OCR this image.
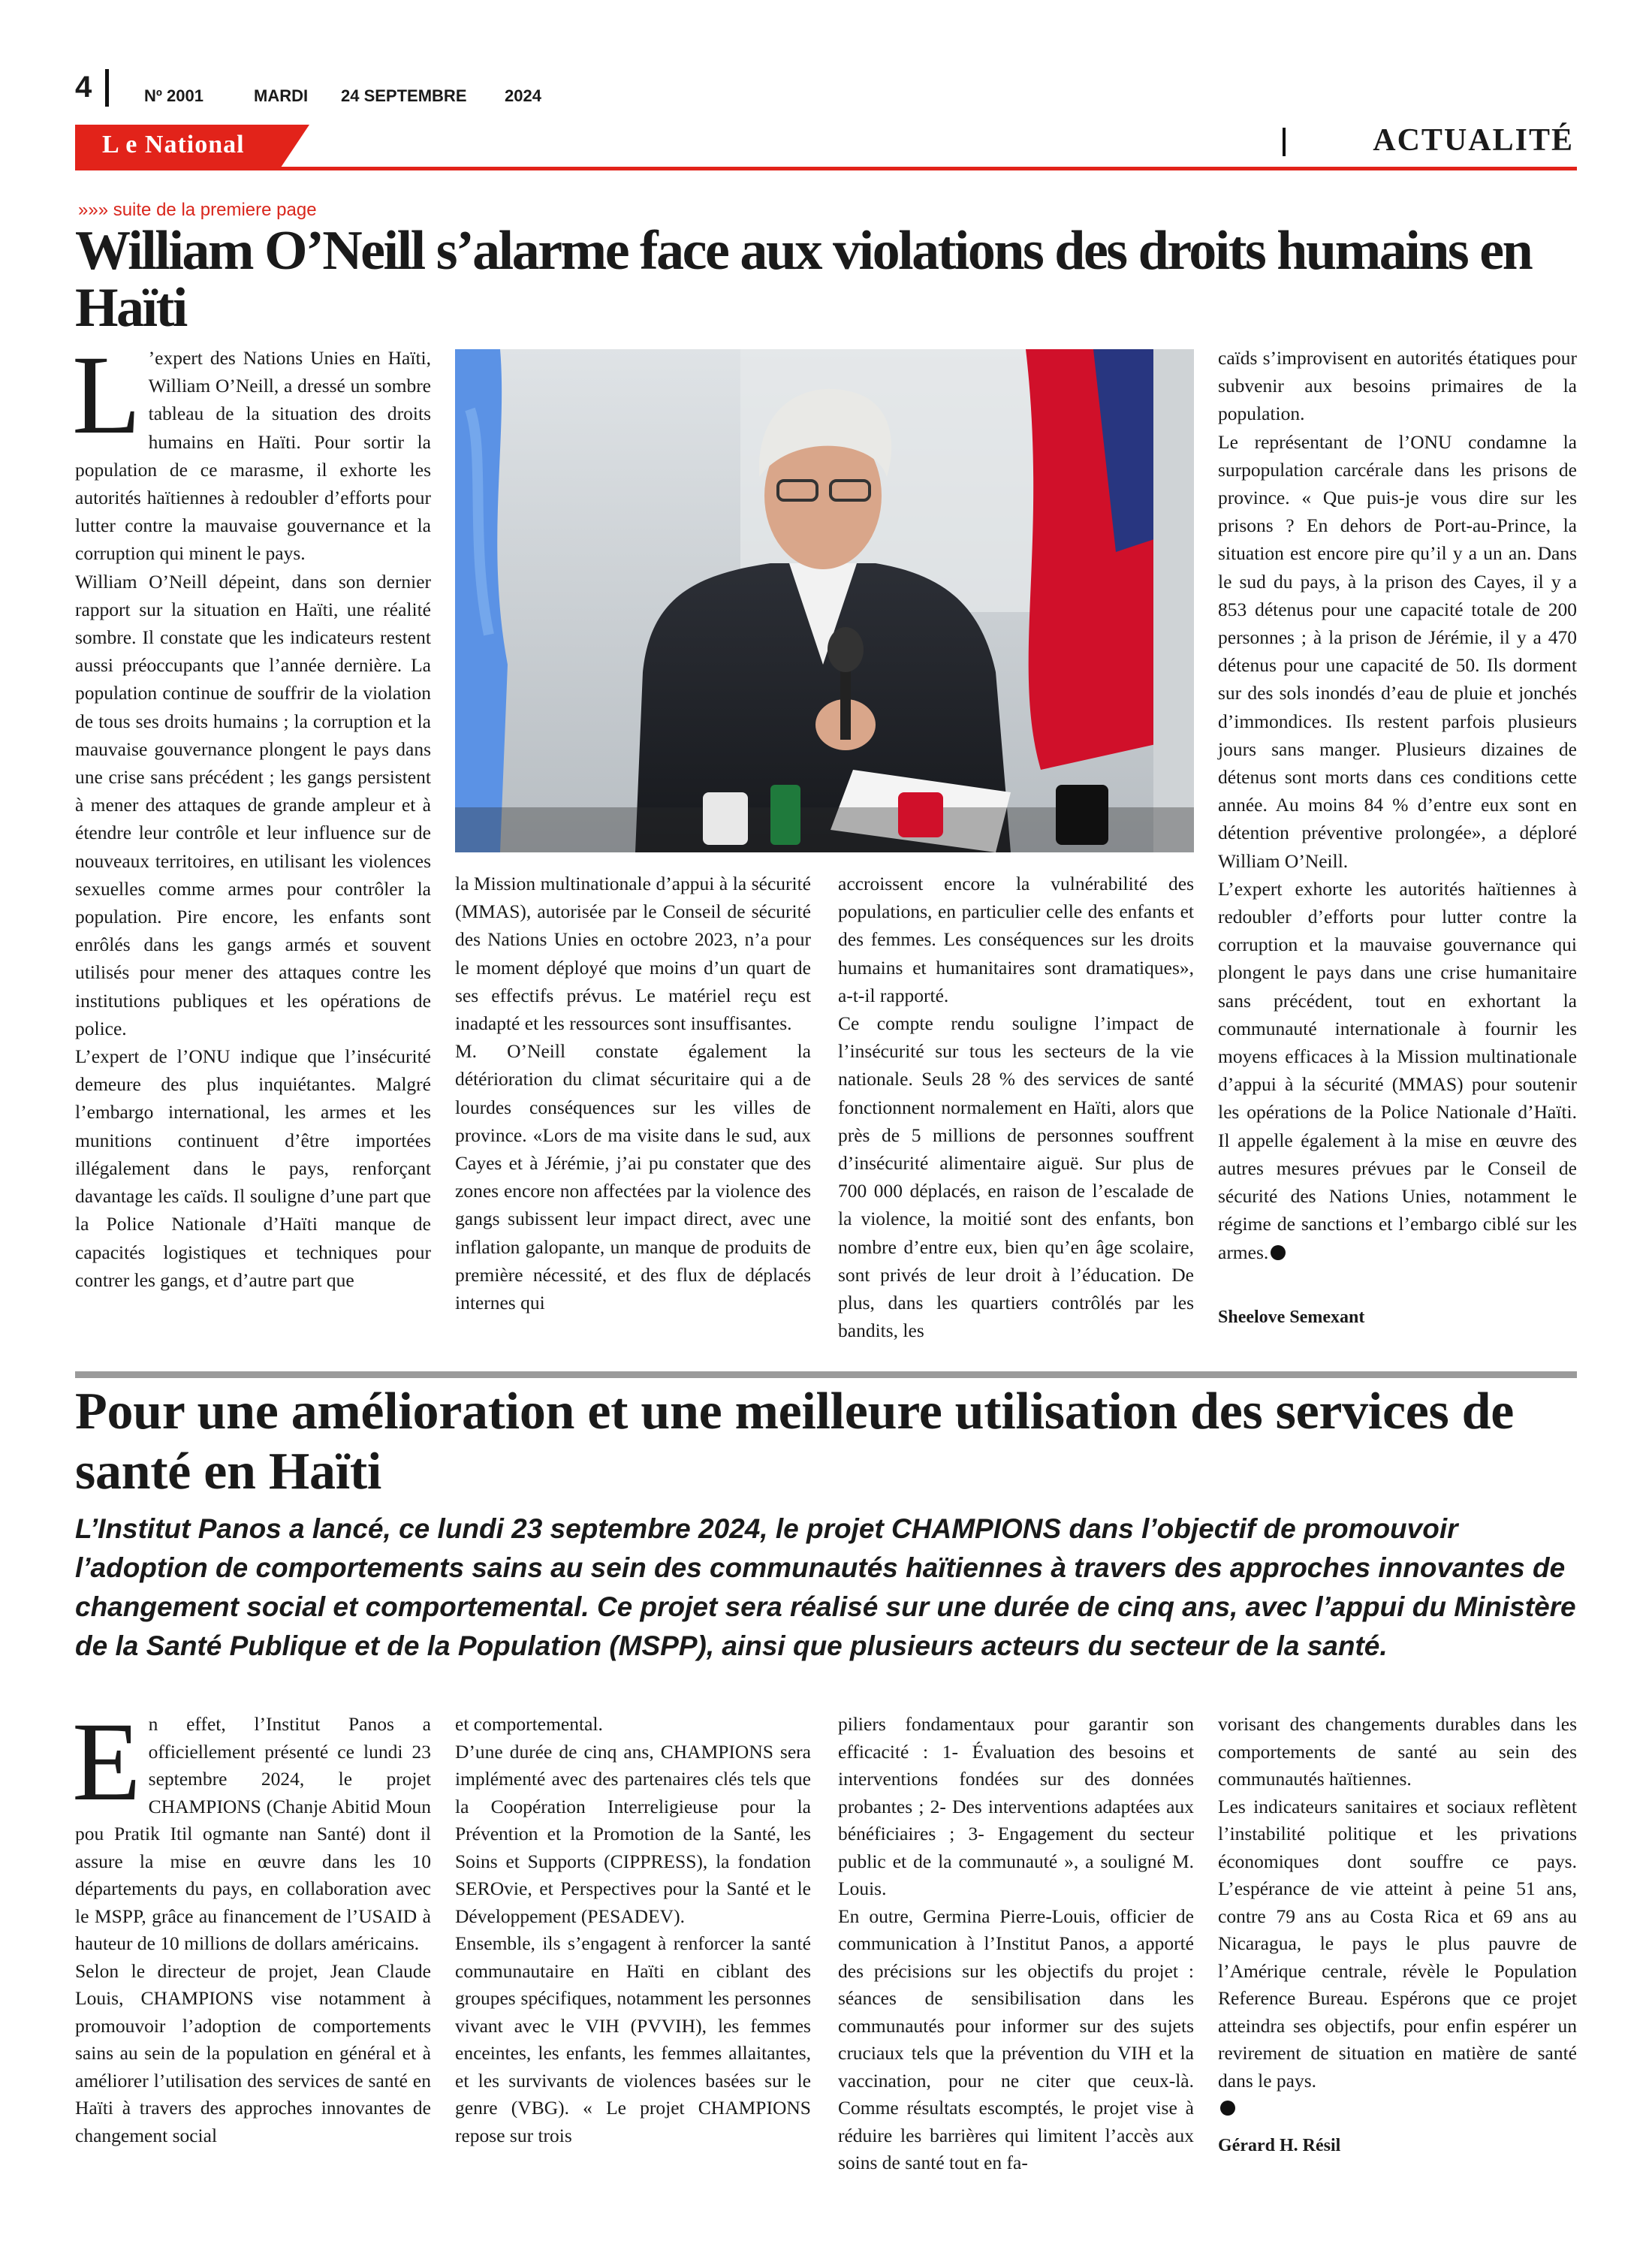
4	Nº 2001	MARDI 24 SEPTEMBRE 2024
L e National	ACTUALITÉ
»»» suite de la premiere page
William O’Neill s’alarme face aux violations des droits humains en Haïti

L ’expert des Nations Unies en Haïti, William O’Neill, a dressé un sombre tableau de la situation des droits humains en Haïti. Pour sortir la population de ce marasme, il exhorte les autorités haïtiennes à redoubler d’efforts pour lutter contre la mauvaise gouvernance et la corruption qui minent le pays.

William O’Neill dépeint, dans son dernier rapport sur la situation en Haïti, une réalité sombre. Il constate que les indicateurs restent aussi préoccupants que l’année dernière. La population continue de souffrir de la violation de tous ses droits humains ; la corruption et la mauvaise gouvernance plongent le pays dans une crise sans précédent ; les gangs persistent à mener des attaques de grande ampleur et à étendre leur contrôle et leur influence sur de nouveaux territoires, en utilisant les violences sexuelles comme armes pour contrôler la population. Pire encore, les enfants sont enrôlés dans les gangs armés et souvent utilisés pour mener des attaques contre les institutions publiques et les opérations de police.

L’expert de l’ONU indique que l’insécurité demeure des plus inquiétantes. Malgré l’embargo international, les armes et les munitions continuent d’être importées illégalement dans le pays, renforçant davantage les caïds. Il souligne d’une part que la Police Nationale d’Haïti manque de capacités logistiques et techniques pour contrer les gangs, et d’autre part que

la Mission multinationale d’appui à la sécurité (MMAS), autorisée par le Conseil de sécurité des Nations Unies en octobre 2023, n’a pour le moment déployé que moins d’un quart de ses effectifs prévus. Le matériel reçu est inadapté et les ressources sont insuffisantes.

M. O’Neill constate également la détérioration du climat sécuritaire qui a de lourdes conséquences sur les villes de province. «Lors de ma visite dans le sud, aux Cayes et à Jérémie, j’ai pu constater que des zones encore non affectées par la violence des gangs subissent leur impact direct, avec une inflation galopante, un manque de produits de première nécessité, et des flux de déplacés internes qui

accroissent encore la vulnérabilité des populations, en particulier celle des enfants et des femmes. Les conséquences sur les droits humains et humanitaires sont dramatiques», a-t-il rapporté.

Ce compte rendu souligne l’impact de l’insécurité sur tous les secteurs de la vie nationale. Seuls 28 % des services de santé fonctionnent normalement en Haïti, alors que près de 5 millions de personnes souffrent d’insécurité alimentaire aiguë. Sur plus de 700 000 déplacés, en raison de l’escalade de la violence, la moitié sont des enfants, bon nombre d’entre eux, bien qu’en âge scolaire, sont privés de leur droit à l’éducation. De plus, dans les quartiers contrôlés par les bandits, les

caïds s’improvisent en autorités étatiques pour subvenir aux besoins primaires de la population.

Le représentant de l’ONU condamne la surpopulation carcérale dans les prisons de province. « Que puis-je vous dire sur les prisons ? En dehors de Port-au-Prince, la situation est encore pire qu’il y a un an. Dans le sud du pays, à la prison des Cayes, il y a 853 détenus pour une capacité totale de 200 personnes ; à la prison de Jérémie, il y a 470 détenus pour une capacité de 50. Ils dorment sur des sols inondés d’eau de pluie et jonchés d’immondices. Ils restent parfois plusieurs jours sans manger. Plusieurs dizaines de détenus sont morts dans ces conditions cette année. Au moins 84 % d’entre eux sont en détention préventive prolongée», a déploré William O’Neill.

L’expert exhorte les autorités haïtiennes à redoubler d’efforts pour lutter contre la corruption et la mauvaise gouvernance qui plongent le pays dans une crise humanitaire sans précédent, tout en exhortant la communauté internationale à fournir les moyens efficaces à la Mission multinationale d’appui à la sécurité (MMAS) pour soutenir les opérations de la Police Nationale d’Haïti. Il appelle également à la mise en œuvre des autres mesures prévues par le Conseil de sécurité des Nations Unies, notamment le régime de sanctions et l’embargo ciblé sur les armes.

Sheelove Semexant
Pour une amélioration et une meilleure utilisation des services de santé en Haïti
L’Institut Panos a lancé, ce lundi 23 septembre 2024, le projet CHAMPIONS dans l’objectif de promouvoir l’adoption de comportements sains au sein des communautés haïtiennes à travers des approches innovantes de changement social et comportemental. Ce projet sera réalisé sur une durée de cinq ans, avec l’appui du Ministère de la Santé Publique et de la Population (MSPP), ainsi que plusieurs acteurs du secteur de la santé.

En effet, l’Institut Panos a officiellement présenté ce lundi 23 septembre 2024, le projet CHAMPIONS (Chanje Abitid Moun pou Pratik Itil ogmante nan Santé) dont il assure la mise en œuvre dans les 10 départements du pays, en collaboration avec le MSPP, grâce au financement de l’USAID à hauteur de 10 millions de dollars américains.

Selon le directeur de projet, Jean Claude Louis, CHAMPIONS vise notamment à promouvoir l’adoption de comportements sains au sein de la population en général et à améliorer l’utilisation des services de santé en Haïti à travers des approches innovantes de changement social

et comportemental.

D’une durée de cinq ans, CHAMPIONS sera implémenté avec des partenaires clés tels que la Coopération Interreligieuse pour la Prévention et la Promotion de la Santé, les Soins et Supports (CIPPRESS), la fondation SEROvie, et Perspectives pour la Santé et le Développement (PESADEV).

Ensemble, ils s’engagent à renforcer la santé communautaire en Haïti en ciblant des groupes spécifiques, notamment les personnes vivant avec le VIH (PVVIH), les femmes enceintes, les enfants, les femmes allaitantes, et les survivants de violences basées sur le genre (VBG). « Le projet CHAMPIONS repose sur trois

piliers fondamentaux pour garantir son efficacité : 1- Évaluation des besoins et interventions fondées sur des données probantes ; 2- Des interventions adaptées aux bénéficiaires ; 3- Engagement du secteur public et de la communauté », a souligné M. Louis.

En outre, Germina Pierre-Louis, officier de communication à l’Institut Panos, a apporté des précisions sur les objectifs du projet : séances de sensibilisation dans les communautés pour informer sur des sujets cruciaux tels que la prévention du VIH et la vaccination, pour ne citer que ceux-là. Comme résultats escomptés, le projet vise à réduire les barrières qui limitent l’accès aux soins de santé tout en fa-

vorisant des changements durables dans les comportements de santé au sein des communautés haïtiennes.

Les indicateurs sanitaires et sociaux reflètent l’instabilité politique et les privations économiques dont souffre ce pays. L’espérance de vie atteint à peine 51 ans, contre 79 ans au Costa Rica et 69 ans au Nicaragua, le pays le plus pauvre de l’Amérique centrale, révèle le Population Reference Bureau. Espérons que ce projet atteindra ses objectifs, pour enfin espérer un revirement de situation en matière de santé dans le pays.

Gérard H. Résil
